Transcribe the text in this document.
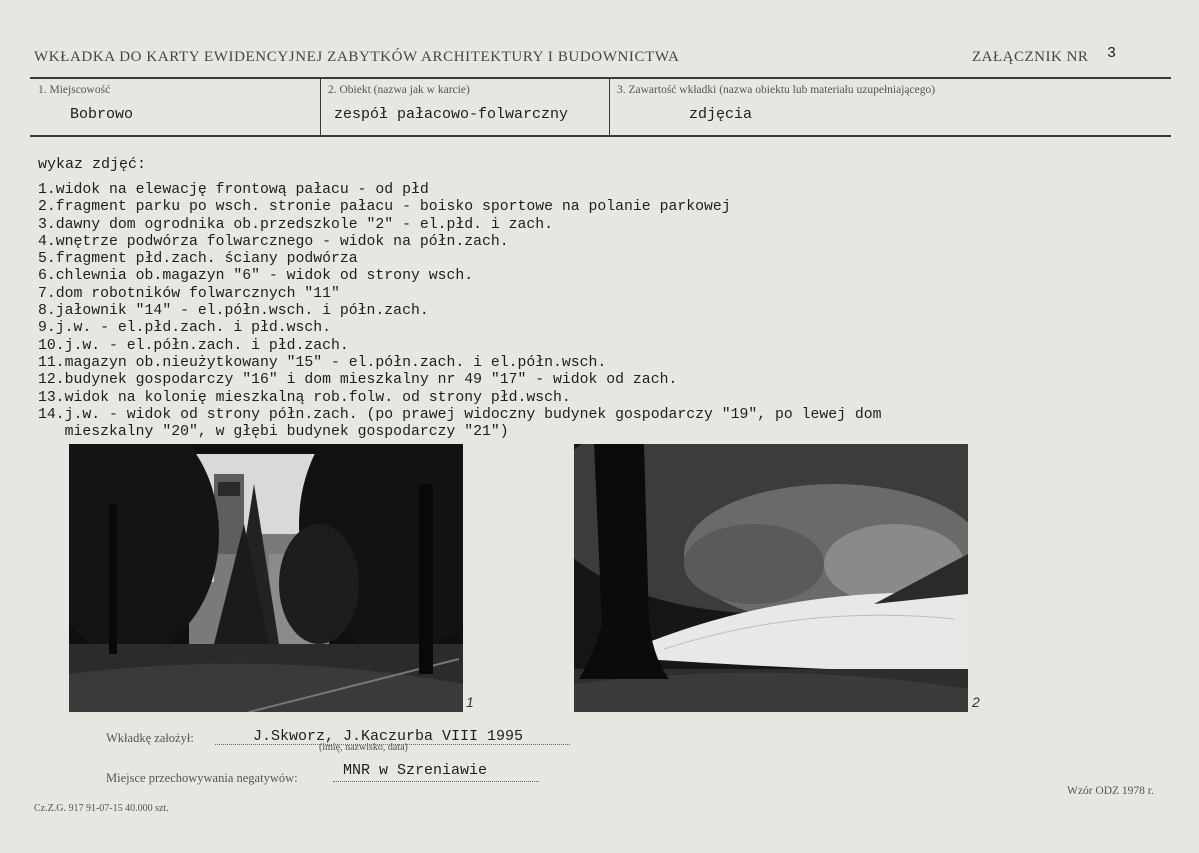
WKŁADKA DO KARTY EWIDENCYJNEJ ZABYTKÓW ARCHITEKTURY I BUDOWNICTWA	ZAŁĄCZNIK NR 3
1. Miejscowość
Bobrowo
2. Obiekt (nazwa jak w karcie)
zespół pałacowo-folwarczny
3. Zawartość wkładki (nazwa obiektu lub materiału uzupełniającego)
zdjęcia
wykaz zdjęć:
1.widok na elewację frontową pałacu - od płd
2.fragment parku po wsch. stronie pałacu - boisko sportowe na polanie parkowej
3.dawny dom ogrodnika ob.przedszkole "2" - el.płd. i zach.
4.wnętrze podwórza folwarcznego - widok na półn.zach.
5.fragment płd.zach. ściany podwórza
6.chlewnia ob.magazyn "6" - widok od strony wsch.
7.dom robotników folwarcznych "11"
8.jałownik "14" - el.półn.wsch. i półn.zach.
9.j.w. - el.płd.zach. i płd.wsch.
10.j.w. - el.półn.zach. i płd.zach.
11.magazyn ob.nieużytkowany "15" - el.półn.zach. i el.półn.wsch.
12.budynek gospodarczy "16" i dom mieszkalny nr 49 "17" - widok od zach.
13.widok na kolonię mieszkalną rob.folw. od strony płd.wsch.
14.j.w. - widok od strony półn.zach. (po prawej widoczny budynek gospodarczy "19", po lewej dom
mieszkalny "20", w głębi budynek gospodarczy "21")
1	2
Wkładkę założył:	J.Skworz, J.Kaczurba VIII 1995
(imię, nazwisko, data)
Miejsce przechowywania negatywów:	MNR w Szreniawie
Cz.Z.G. 917 91-07-15 40.000 szt.
Wzór ODZ 1978 r.
